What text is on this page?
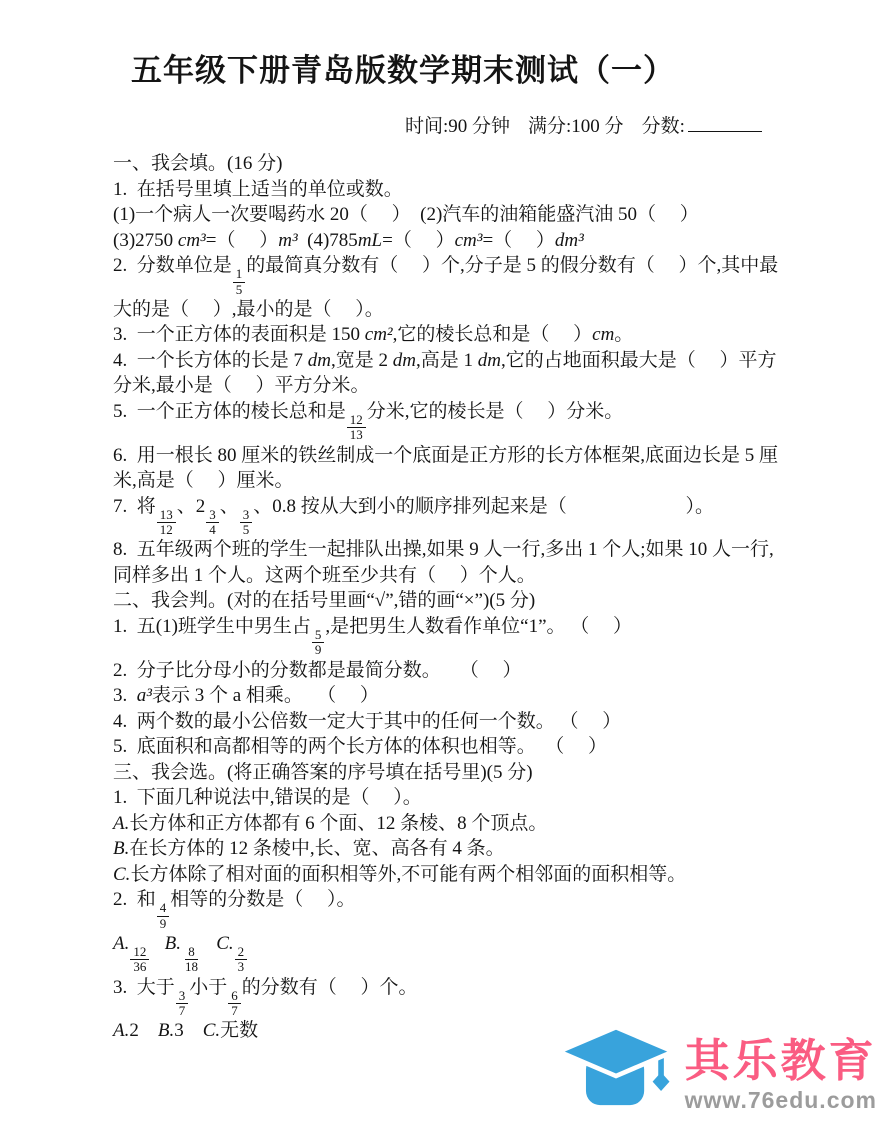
五年级下册青岛版数学期末测试（一）
时间:90 分钟 满分:100 分 分数:
一、我会填。(16 分)
1.  在括号里填上适当的单位或数。
(1)一个病人一次要喝药水 20（　 ）  (2)汽车的油箱能盛汽油 50（　 ）
(3)2750 cm³=（　 ）m³  (4)785mL=（　 ）cm³=（　 ）dm³
2.  分数单位是
$\frac{1}{5}$
的最简真分数有（　 ）个,分子是 5 的假分数有（　 ）个,其中最
大的是（　 ）,最小的是（　 ）。
3.  一个正方体的表面积是 150 cm²,它的棱长总和是（　 ）cm。
4.  一个长方体的长是 7 dm,宽是 2 dm,高是 1 dm,它的占地面积最大是（　 ）平方
分米,最小是（　 ）平方分米。
5.  一个正方体的棱长总和是
$\frac{12}{13}$
分米,它的棱长是（　 ）分米。
6.  用一根长 80 厘米的铁丝制成一个底面是正方形的长方体框架,底面边长是 5 厘
米,高是（　 ）厘米。
7.  将
$\frac{13}{12}$
、2
$\frac{3}{4}$
、
$\frac{3}{5}$
、0.8 按从大到小的顺序排列起来是（　　　　　　 ）。
8.  五年级两个班的学生一起排队出操,如果 9 人一行,多出 1 个人;如果 10 人一行,
同样多出 1 个人。这两个班至少共有（　 ）个人。
二、我会判。(对的在括号里画“√”,错的画“×”)(5 分)
1.  五(1)班学生中男生占
$\frac{5}{9}$
,是把男生人数看作单位“1”。 （　 ）
2.  分子比分母小的分数都是最简分数。    （　 ）
3.  a³表示 3 个 a 相乘。   （　 ）
4.  两个数的最小公倍数一定大于其中的任何一个数。 （　 ）
5.  底面积和高都相等的两个长方体的体积也相等。  （　 ）
三、我会选。(将正确答案的序号填在括号里)(5 分)
1.  下面几种说法中,错误的是（　 ）。
A.长方体和正方体都有 6 个面、12 条棱、8 个顶点。
B.在长方体的 12 条棱中,长、宽、高各有 4 条。
C.长方体除了相对面的面积相等外,不可能有两个相邻面的面积相等。
2.  和
$\frac{4}{9}$
相等的分数是（　 ）。
A.
$\frac{12}{36}$
B.
$\frac{8}{18}$
C.
$\frac{2}{3}$
3.  大于
$\frac{3}{7}$
小于
$\frac{6}{7}$
的分数有（　 ）个。
A.2    B.3    C.无数
其乐教育
www.76edu.com
